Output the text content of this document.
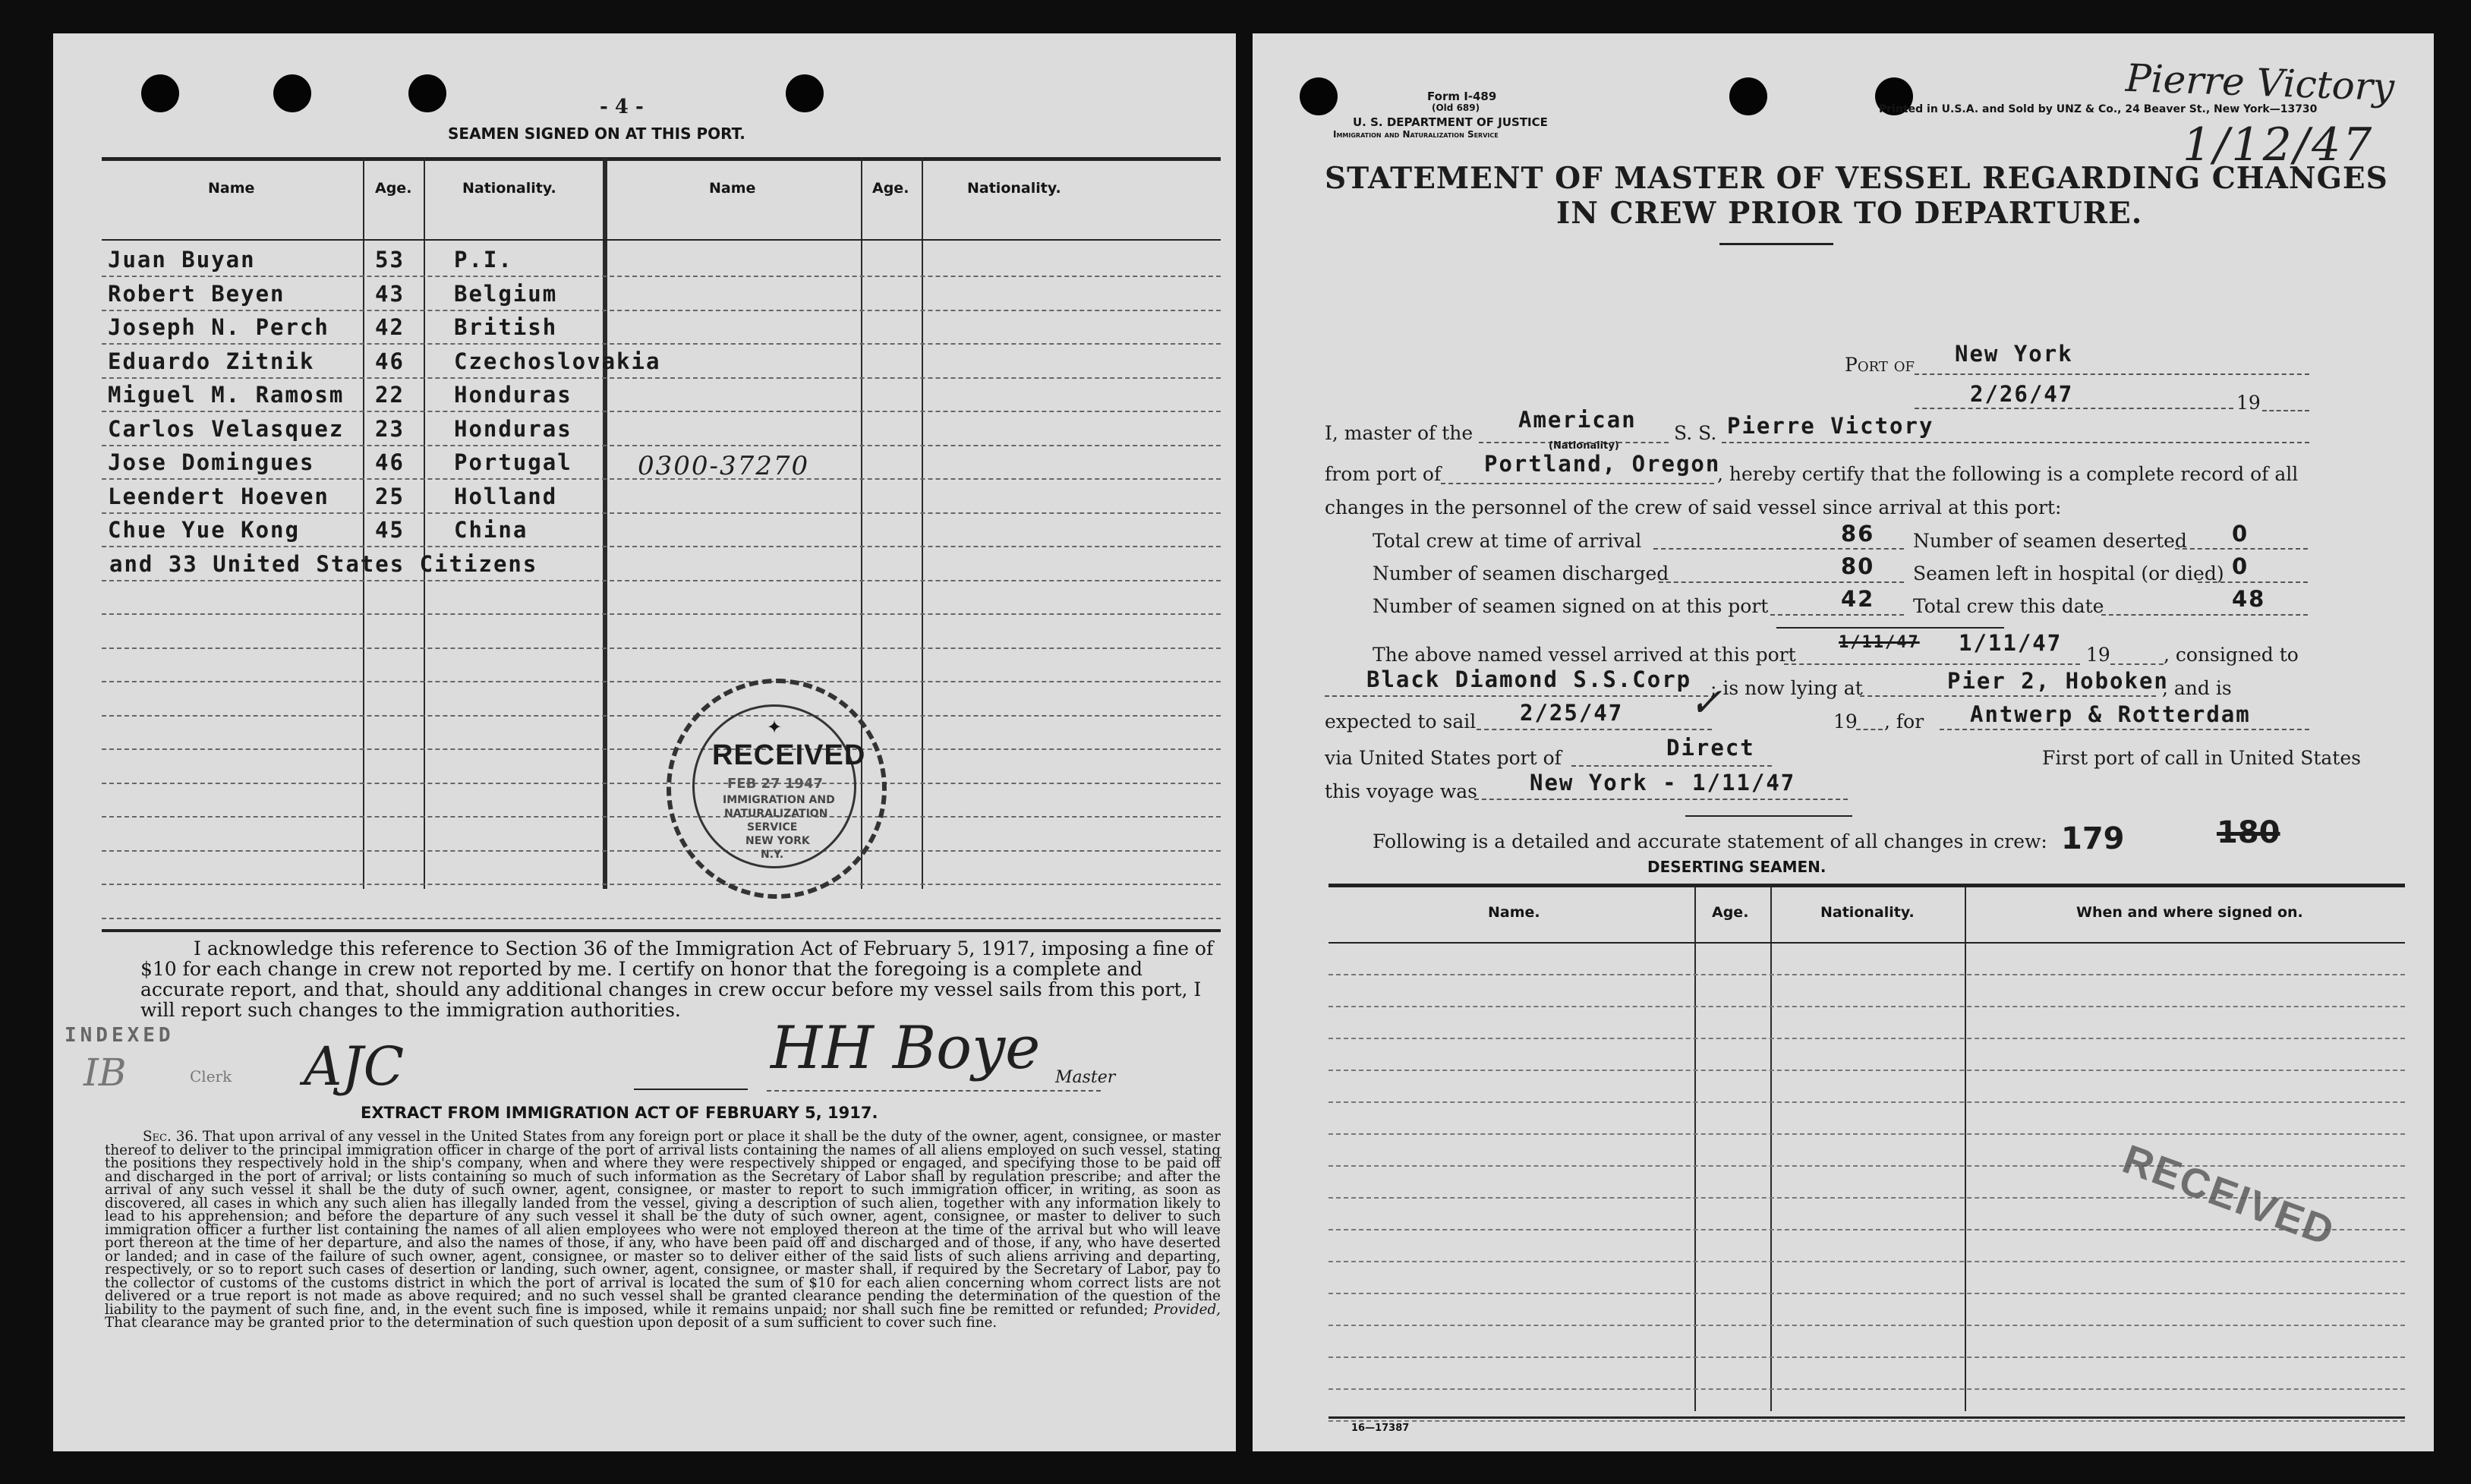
- 4 -
SEAMEN SIGNED ON AT THIS PORT.
Name	Age.	Nationality.	Name	Age.	Nationality.
Juan Buyan	53 P.I.
Robert Beyen	43 Belgium
Joseph N. Perch 42 British
Eduardo Zitnik	46 Czechoslovakia
Miguel M. Ramosm 22 Honduras
Carlos Velasquez 23 Honduras
Jose Domingues	46 Portugal
Leendert Hoeven 25 Holland
Chue Yue Kong	45 China
and 33 United States Citizens
0300-37270
✦
RECEIVED
FEB 27 1947
IMMIGRATION AND
NATURALIZATION
SERVICE
NEW YORK
N.Y.
I acknowledge this reference to Section 36 of the Immigration Act of February 5, 1917, imposing a fine of $10 for each change in crew not reported by me. I certify on honor that the foregoing is a complete and accurate report, and that, should any additional changes in crew occur before my vessel sails from this port, I will report such changes to the immigration authorities.
INDEXED
IB	Clerk AJC	HH Boye Master
EXTRACT FROM IMMIGRATION ACT OF FEBRUARY 5, 1917.
Sec. 36. That upon arrival of any vessel in the United States from any foreign port or place it shall be the duty of the owner, agent, consignee, or master thereof to deliver to the principal immigration officer in charge of the port of arrival lists containing the names of all aliens employed on such vessel, stating the positions they respectively hold in the ship's company, when and where they were respectively shipped or engaged, and specifying those to be paid off and discharged in the port of arrival; or lists containing so much of such information as the Secretary of Labor shall by regulation prescribe; and after the arrival of any such vessel it shall be the duty of such owner, agent, consignee, or master to report to such immigration officer, in writing, as soon as discovered, all cases in which any such alien has illegally landed from the vessel, giving a description of such alien, together with any information likely to lead to his apprehension; and before the departure of any such vessel it shall be the duty of such owner, agent, consignee, or master to deliver to such immigration officer a further list containing the names of all alien employees who were not employed thereon at the time of the arrival but who will leave port thereon at the time of her departure, and also the names of those, if any, who have been paid off and discharged and of those, if any, who have deserted or landed; and in case of the failure of such owner, agent, consignee, or master so to deliver either of the said lists of such aliens arriving and departing, respectively, or so to report such cases of desertion or landing, such owner, agent, consignee, or master shall, if required by the Secretary of Labor, pay to the collector of customs of the customs district in which the port of arrival is located the sum of $10 for each alien concerning whom correct lists are not delivered or a true report is not made as above required; and no such vessel shall be granted clearance pending the determination of the question of the liability to the payment of such fine, and, in the event such fine is imposed, while it remains unpaid; nor shall such fine be remitted or refunded; Provided, That clearance may be granted prior to the determination of such question upon deposit of a sum sufficient to cover such fine.
Form I-489
(Old 689)
U. S. DEPARTMENT OF JUSTICE
Immigration and Naturalization Service
Printed in U.S.A. and Sold by UNZ & Co., 24 Beaver St., New York—13730
Pierre Victory
1/12/47
STATEMENT OF MASTER OF VESSEL REGARDING CHANGES
IN CREW PRIOR TO DEPARTURE.
Port of New York
2/26/47	19
I, master of the
American
(Nationality)
S. S. Pierre Victory
from port of Portland, Oregon
, hereby certify that the following is a complete record of all
changes in the personnel of the crew of said vessel since arrival at this port:
Total crew at time of arrival	86 Number of seamen deserted 0
Number of seamen discharged	80 Seamen left in hospital (or died) 0
Number of seamen signed on at this port	42 Total crew this date	48
The above named vessel arrived at this port
1/11/47 1/11/47 19	, consigned to
Black Diamond S.S.Corp ; is now lying at	Pier 2, Hoboken
, and is
expected to sail 2/25/47 ✓	19 , for Antwerp & Rotterdam
via United States port of	Direct	First port of call in United States
this voyage was New York - 1/11/47
Following is a detailed and accurate statement of all changes in crew: 179	180
DESERTING SEAMEN.
Name.	Age.	Nationality.	When and where signed on.
RECEIVED
16—17387
